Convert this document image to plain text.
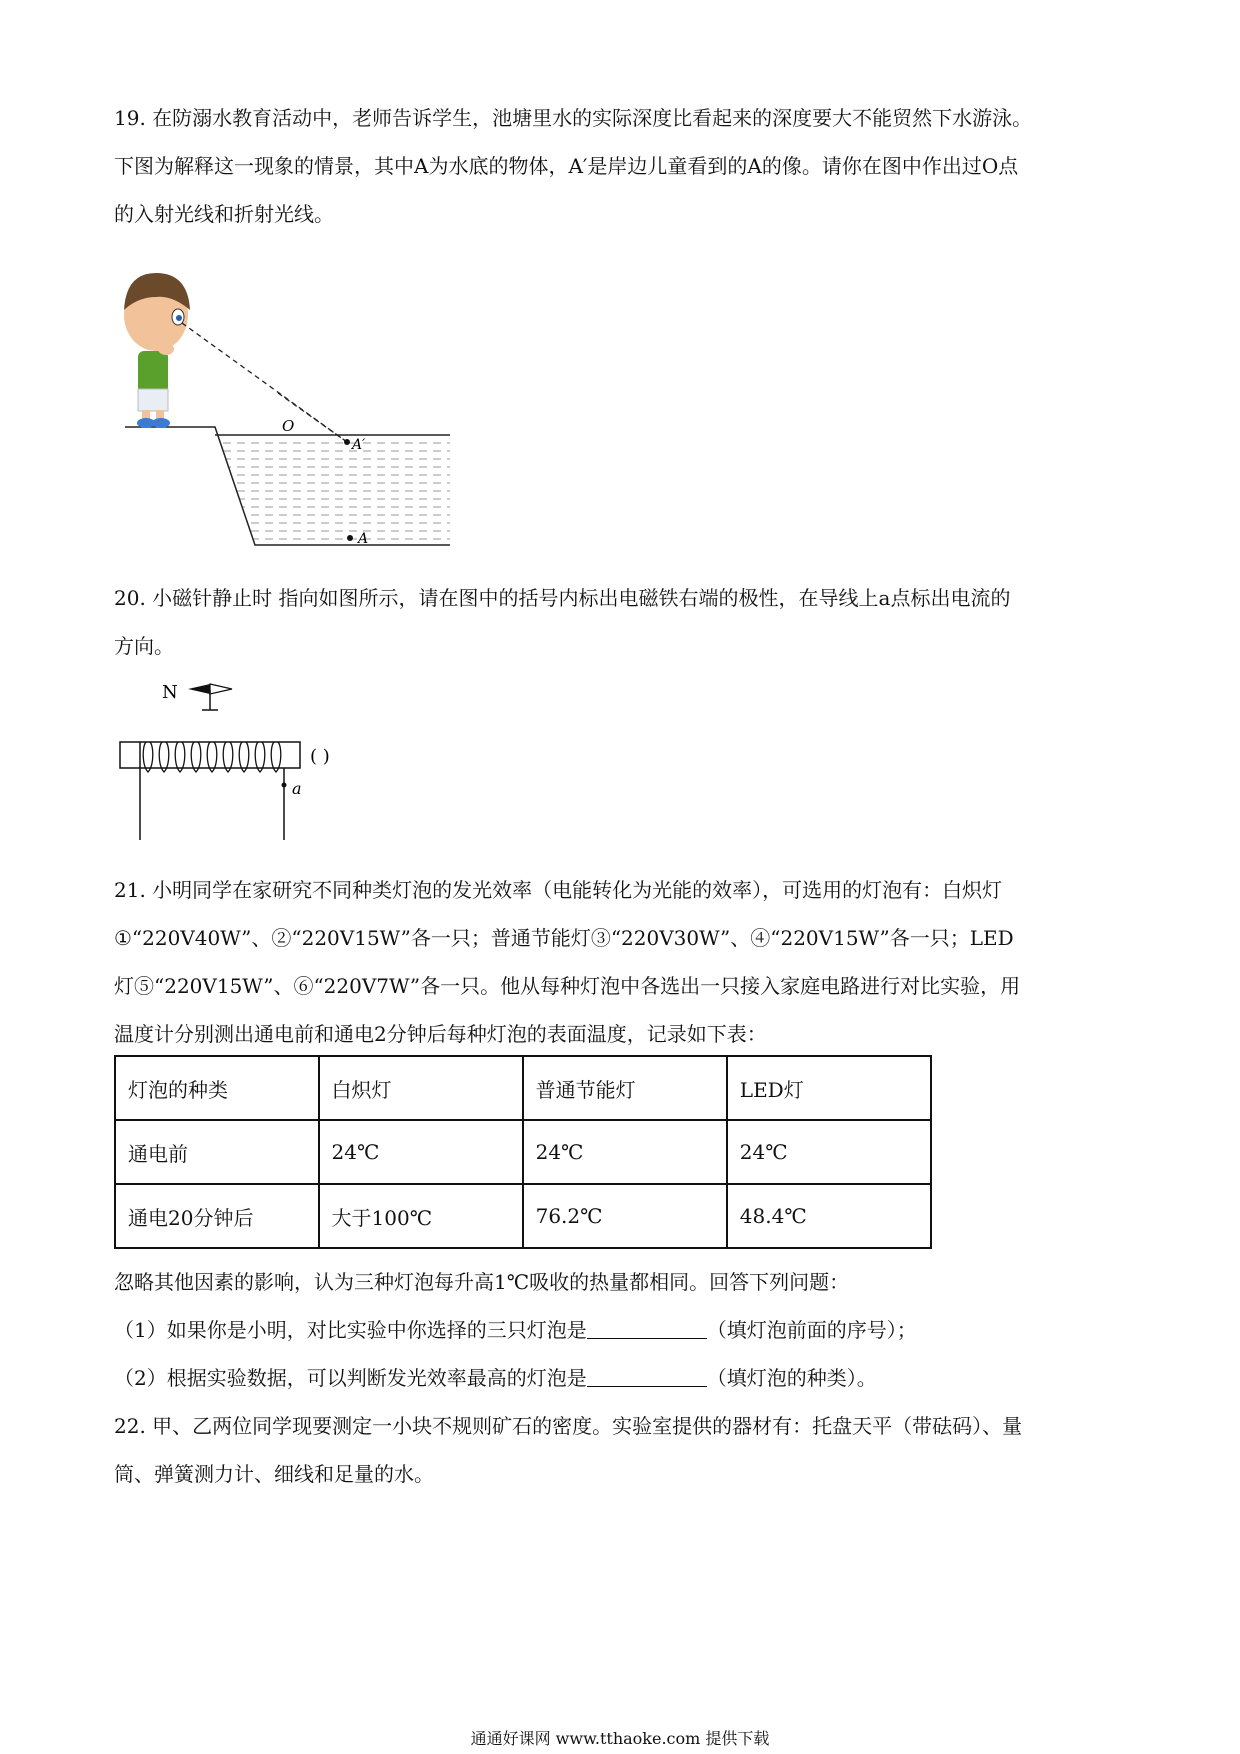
19. 在防溺水教育活动中，老师告诉学生，池塘里水的实际深度比看起来的深度要大不能贸然下水游泳。
下图为解释这一现象的情景，其中A为水底的物体，A′是岸边儿童看到的A的像。请你在图中作出过O点
的入射光线和折射光线。
O
A′
A
20. 小磁针静止时 指向如图所示，请在图中的括号内标出电磁铁右端的极性，在导线上a点标出电流的
方向。
N
a
( )
21. 小明同学在家研究不同种类灯泡的发光效率（电能转化为光能的效率），可选用的灯泡有：白炽灯
①“220V40W”、②“220V15W”各一只；普通节能灯③“220V30W”、④“220V15W”各一只；LED
灯⑤“220V15W”、⑥“220V7W”各一只。他从每种灯泡中各选出一只接入家庭电路进行对比实验，用
温度计分别测出通电前和通电2分钟后每种灯泡的表面温度，记录如下表：
灯泡的种类	白炽灯	普通节能灯	LED灯
通电前	24℃	24℃	24℃
通电20分钟后	大于100℃	76.2℃	48.4℃
忽略其他因素的影响，认为三种灯泡每升高1℃吸收的热量都相同。回答下列问题：
（1）如果你是小明，对比实验中你选择的三只灯泡是	（填灯泡前面的序号）；
（2）根据实验数据，可以判断发光效率最高的灯泡是	（填灯泡的种类）。
22. 甲、乙两位同学现要测定一小块不规则矿石的密度。实验室提供的器材有：托盘天平（带砝码）、量
筒、弹簧测力计、细线和足量的水。
通通好课网 www.tthaoke.com 提供下载
